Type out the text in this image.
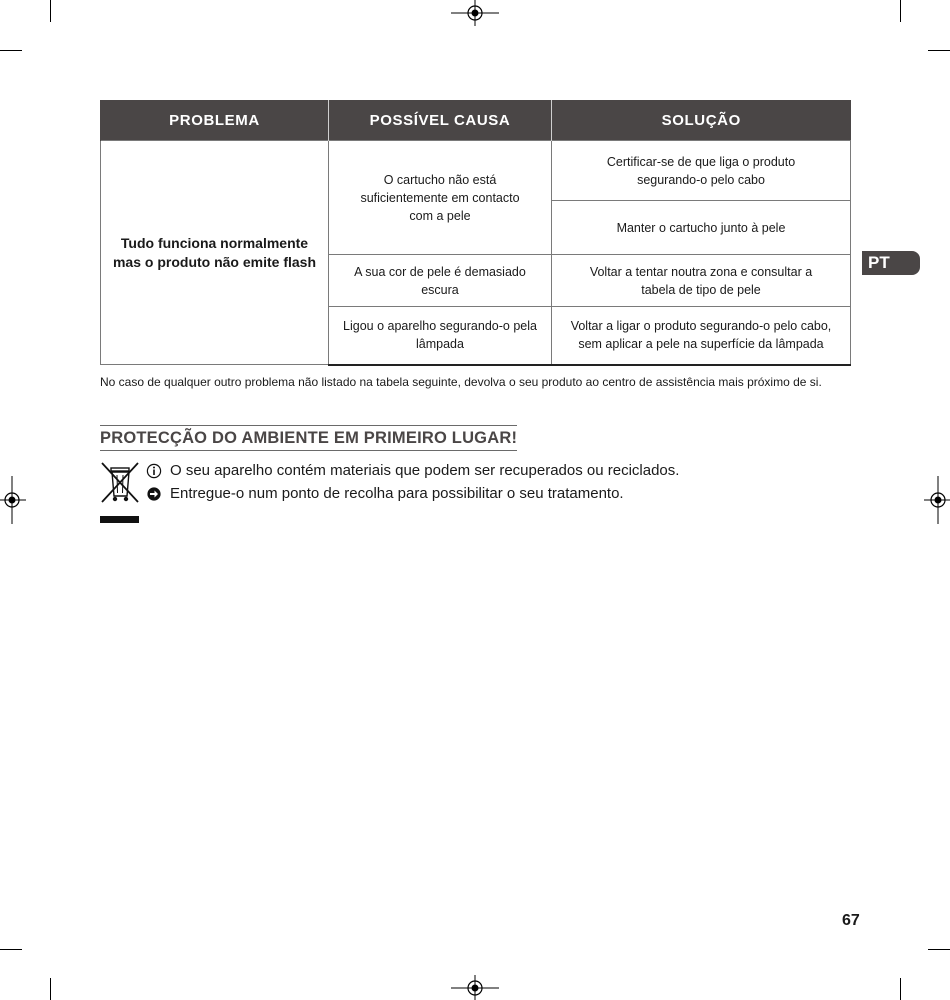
PROBLEMA	POSSÍVEL CAUSA	SOLUÇÃO
Tudo funciona normalmente mas o produto não emite flash	O cartucho não está suficientemente em contacto com a pele	Certificar-se de que liga o produto segurando-o pelo cabo
		Manter o cartucho junto à pele
	A sua cor de pele é demasiado escura	Voltar a tentar noutra zona e consultar a tabela de tipo de pele
	Ligou o aparelho segurando-o pela lâmpada	Voltar a ligar o produto segurando-o pelo cabo, sem aplicar a pele na superfície da lâmpada
No caso de qualquer outro problema não listado na tabela seguinte, devolva o seu produto ao centro de assistência mais próximo de si.
PROTECÇÃO DO AMBIENTE EM PRIMEIRO LUGAR!
O seu aparelho contém materiais que podem ser recuperados ou reciclados.
Entregue-o num ponto de recolha para possibilitar o seu tratamento.
PT
67
